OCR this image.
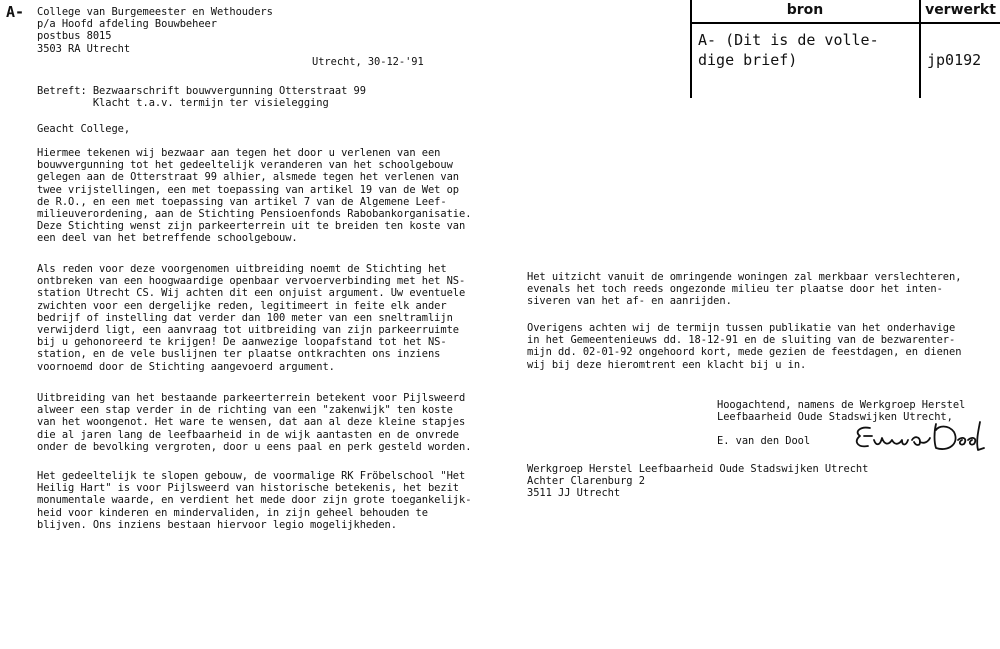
A-	bron	verwerkt
A- (Dit is de volle-
dige brief)	jp0192
College van Burgemeester en Wethouders
p/a Hoofd afdeling Bouwbeheer
postbus 8015
3503 RA Utrecht
Utrecht, 30-12-'91
Betreft: Bezwaarschrift bouwvergunning Otterstraat 99
Klacht t.a.v. termijn ter visielegging
Geacht College,
Hiermee tekenen wij bezwaar aan tegen het door u verlenen van een
bouwvergunning tot het gedeeltelijk veranderen van het schoolgebouw
gelegen aan de Otterstraat 99 alhier, alsmede tegen het verlenen van
twee vrijstellingen, een met toepassing van artikel 19 van de Wet op
de R.O., en een met toepassing van artikel 7 van de Algemene Leef-
milieuverordening, aan de Stichting Pensioenfonds Rabobankorganisatie.
Deze Stichting wenst zijn parkeerterrein uit te breiden ten koste van
een deel van het betreffende schoolgebouw.
Als reden voor deze voorgenomen uitbreiding noemt de Stichting het
ontbreken van een hoogwaardige openbaar vervoerverbinding met het NS-
station Utrecht CS. Wij achten dit een onjuist argument. Uw eventuele
zwichten voor een dergelijke reden, legitimeert in feite elk ander
bedrijf of instelling dat verder dan 100 meter van een sneltramlijn
verwijderd ligt, een aanvraag tot uitbreiding van zijn parkeerruimte
bij u gehonoreerd te krijgen! De aanwezige loopafstand tot het NS-
station, en de vele buslijnen ter plaatse ontkrachten ons inziens
voornoemd door de Stichting aangevoerd argument.
Uitbreiding van het bestaande parkeerterrein betekent voor Pijlsweerd
alweer een stap verder in de richting van een "zakenwijk" ten koste
van het woongenot. Het ware te wensen, dat aan al deze kleine stapjes
die al jaren lang de leefbaarheid in de wijk aantasten en de onvrede
onder de bevolking vergroten, door u eens paal en perk gesteld worden.
Het gedeeltelijk te slopen gebouw, de voormalige RK Fröbelschool "Het
Heilig Hart" is voor Pijlsweerd van historische betekenis, het bezit
monumentale waarde, en verdient het mede door zijn grote toegankelijk-
heid voor kinderen en mindervaliden, in zijn geheel behouden te
blijven. Ons inziens bestaan hiervoor legio mogelijkheden.
Het uitzicht vanuit de omringende woningen zal merkbaar verslechteren,
evenals het toch reeds ongezonde milieu ter plaatse door het inten-
siveren van het af- en aanrijden.
Overigens achten wij de termijn tussen publikatie van het onderhavige
in het Gemeentenieuws dd. 18-12-91 en de sluiting van de bezwarenter-
mijn dd. 02-01-92 ongehoord kort, mede gezien de feestdagen, en dienen
wij bij deze hieromtrent een klacht bij u in.
Hoogachtend, namens de Werkgroep Herstel
Leefbaarheid Oude Stadswijken Utrecht,
E. van den Dool
Werkgroep Herstel Leefbaarheid Oude Stadswijken Utrecht
Achter Clarenburg 2
3511 JJ Utrecht
